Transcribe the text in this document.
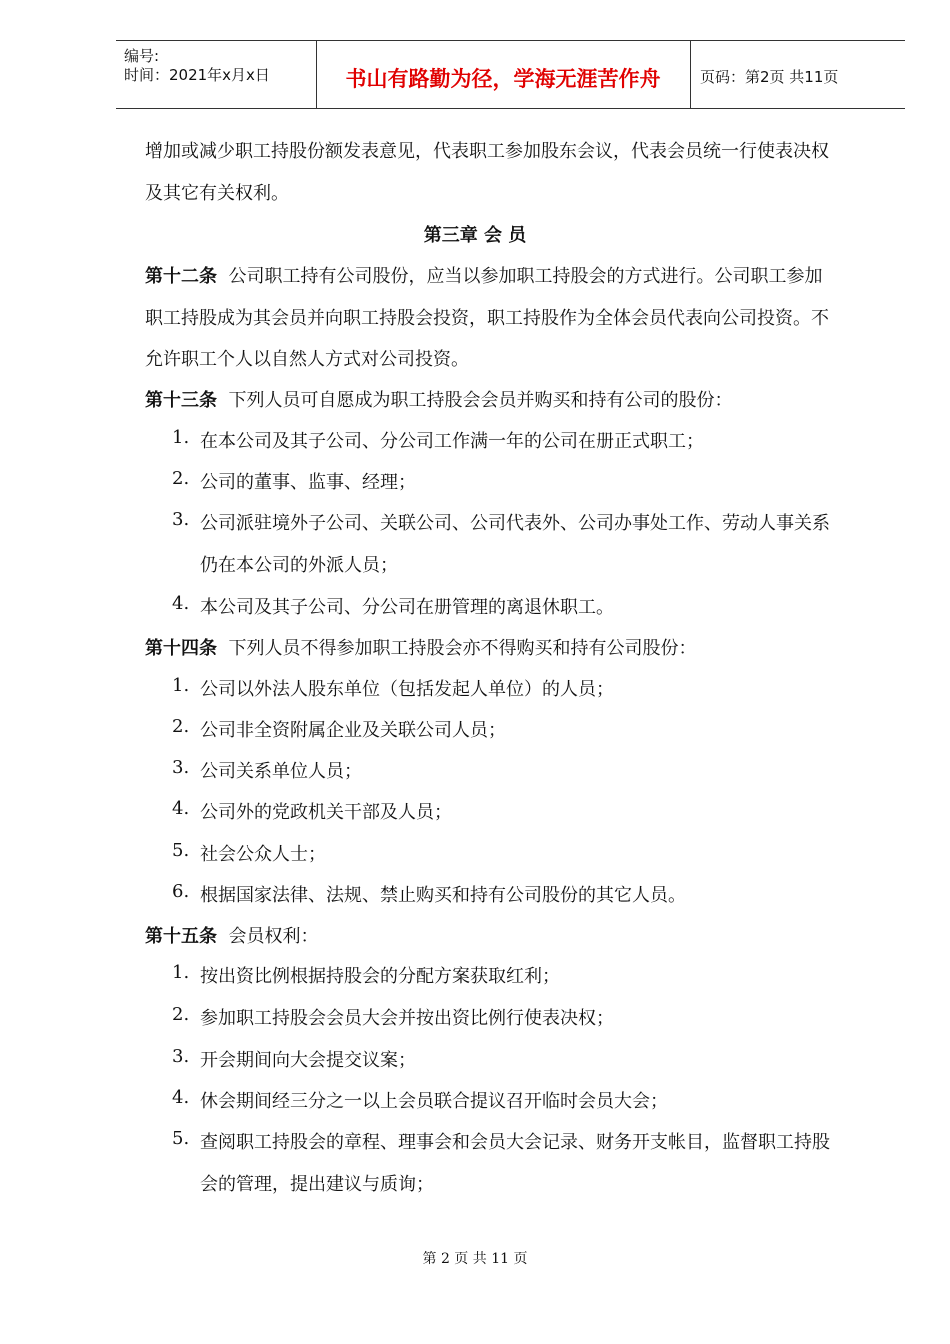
编号:
时间：2021年x月x日	书山有路勤为径，学海无涯苦作舟	页码：第2页 共11页
增加或减少职工持股份额发表意见，代表职工参加股东会议，代表会员统一行使表决权
及其它有关权利。
第三章 会 员
第十二条 公司职工持有公司股份，应当以参加职工持股会的方式进行。公司职工参加
职工持股成为其会员并向职工持股会投资，职工持股作为全体会员代表向公司投资。不
允许职工个人以自然人方式对公司投资。
第十三条 下列人员可自愿成为职工持股会会员并购买和持有公司的股份：
1. 在本公司及其子公司、分公司工作满一年的公司在册正式职工；
2. 公司的董事、监事、经理；
3. 公司派驻境外子公司、关联公司、公司代表外、公司办事处工作、劳动人事关系
仍在本公司的外派人员；
4. 本公司及其子公司、分公司在册管理的离退休职工。
第十四条 下列人员不得参加职工持股会亦不得购买和持有公司股份：
1. 公司以外法人股东单位（包括发起人单位）的人员；
2. 公司非全资附属企业及关联公司人员；
3. 公司关系单位人员；
4. 公司外的党政机关干部及人员；
5. 社会公众人士；
6. 根据国家法律、法规、禁止购买和持有公司股份的其它人员。
第十五条 会员权利：
1. 按出资比例根据持股会的分配方案获取红利；
2. 参加职工持股会会员大会并按出资比例行使表决权；
3. 开会期间向大会提交议案；
4. 休会期间经三分之一以上会员联合提议召开临时会员大会；
5. 查阅职工持股会的章程、理事会和会员大会记录、财务开支帐目，监督职工持股
会的管理，提出建议与质询；
第 2 页 共 11 页
